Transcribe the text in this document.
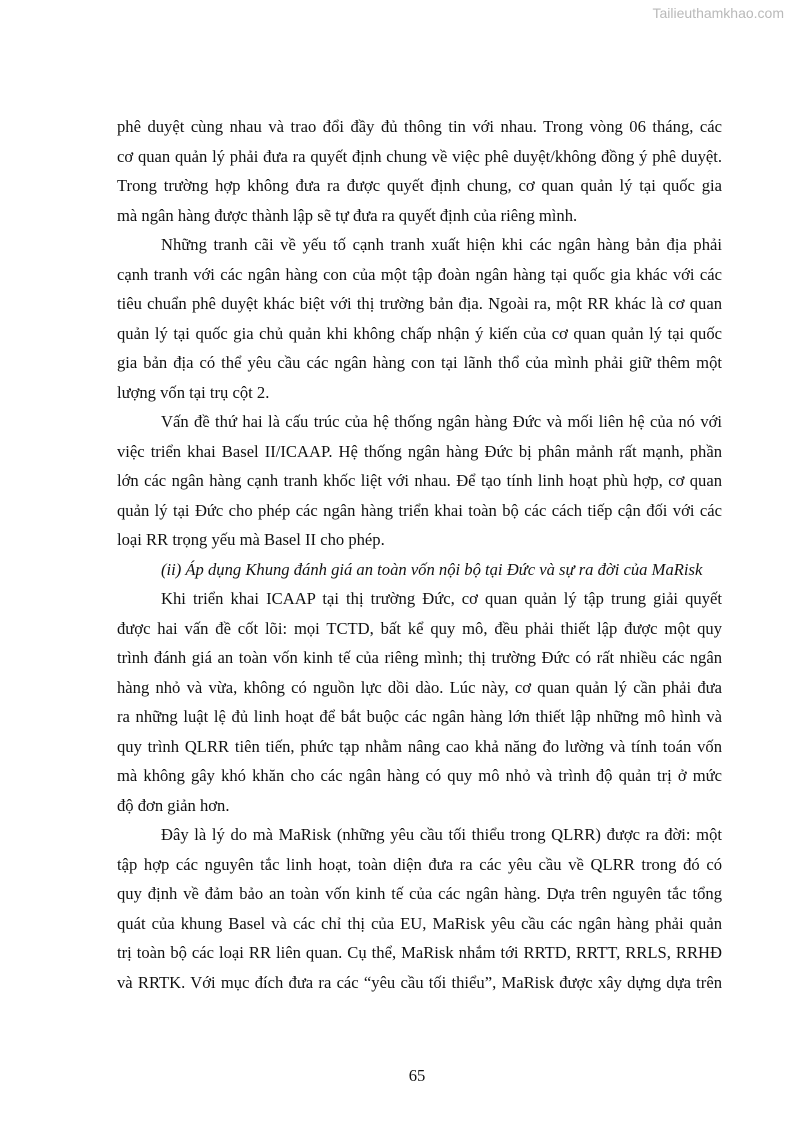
Tailieuthamkhao.com
phê duyệt cùng nhau và trao đổi đầy đủ thông tin với nhau. Trong vòng 06 tháng, các
cơ quan quản lý phải đưa ra quyết định chung về việc phê duyệt/không đồng ý phê duyệt.
Trong trường hợp không đưa ra được quyết định chung, cơ quan quản lý tại quốc gia
mà ngân hàng được thành lập sẽ tự đưa ra quyết định của riêng mình.
Những tranh cãi về yếu tố cạnh tranh xuất hiện khi các ngân hàng bản địa phải
cạnh tranh với các ngân hàng con của một tập đoàn ngân hàng tại quốc gia khác với các
tiêu chuẩn phê duyệt khác biệt với thị trường bản địa. Ngoài ra, một RR khác là cơ quan
quản lý tại quốc gia chủ quản khi không chấp nhận ý kiến của cơ quan quản lý tại quốc
gia bản địa có thể yêu cầu các ngân hàng con tại lãnh thổ của mình phải giữ thêm một
lượng vốn tại trụ cột 2.
Vấn đề thứ hai là cấu trúc của hệ thống ngân hàng Đức và mối liên hệ của nó với
việc triển khai Basel II/ICAAP. Hệ thống ngân hàng Đức bị phân mảnh rất mạnh, phần
lớn các ngân hàng cạnh tranh khốc liệt với nhau. Để tạo tính linh hoạt phù hợp, cơ quan
quản lý tại Đức cho phép các ngân hàng triển khai toàn bộ các cách tiếp cận đối với các
loại RR trọng yếu mà Basel II cho phép.
(ii) Áp dụng Khung đánh giá an toàn vốn nội bộ tại Đức và sự ra đời của MaRisk
Khi triển khai ICAAP tại thị trường Đức, cơ quan quản lý tập trung giải quyết
được hai vấn đề cốt lõi: mọi TCTD, bất kể quy mô, đều phải thiết lập được một quy
trình đánh giá an toàn vốn kinh tế của riêng mình; thị trường Đức có rất nhiều các ngân
hàng nhỏ và vừa, không có nguồn lực dồi dào. Lúc này, cơ quan quản lý cần phải đưa
ra những luật lệ đủ linh hoạt để bắt buộc các ngân hàng lớn thiết lập những mô hình và
quy trình QLRR tiên tiến, phức tạp nhằm nâng cao khả năng đo lường và tính toán vốn
mà không gây khó khăn cho các ngân hàng có quy mô nhỏ và trình độ quản trị ở mức
độ đơn giản hơn.
Đây là lý do mà MaRisk (những yêu cầu tối thiểu trong QLRR) được ra đời: một
tập hợp các nguyên tắc linh hoạt, toàn diện đưa ra các yêu cầu về QLRR trong đó có
quy định về đảm bảo an toàn vốn kinh tế của các ngân hàng. Dựa trên nguyên tắc tổng
quát của khung Basel và các chỉ thị của EU, MaRisk yêu cầu các ngân hàng phải quản
trị toàn bộ các loại RR liên quan. Cụ thể, MaRisk nhắm tới RRTD, RRTT, RRLS, RRHĐ
và RRTK. Với mục đích đưa ra các “yêu cầu tối thiểu”, MaRisk được xây dựng dựa trên
65
